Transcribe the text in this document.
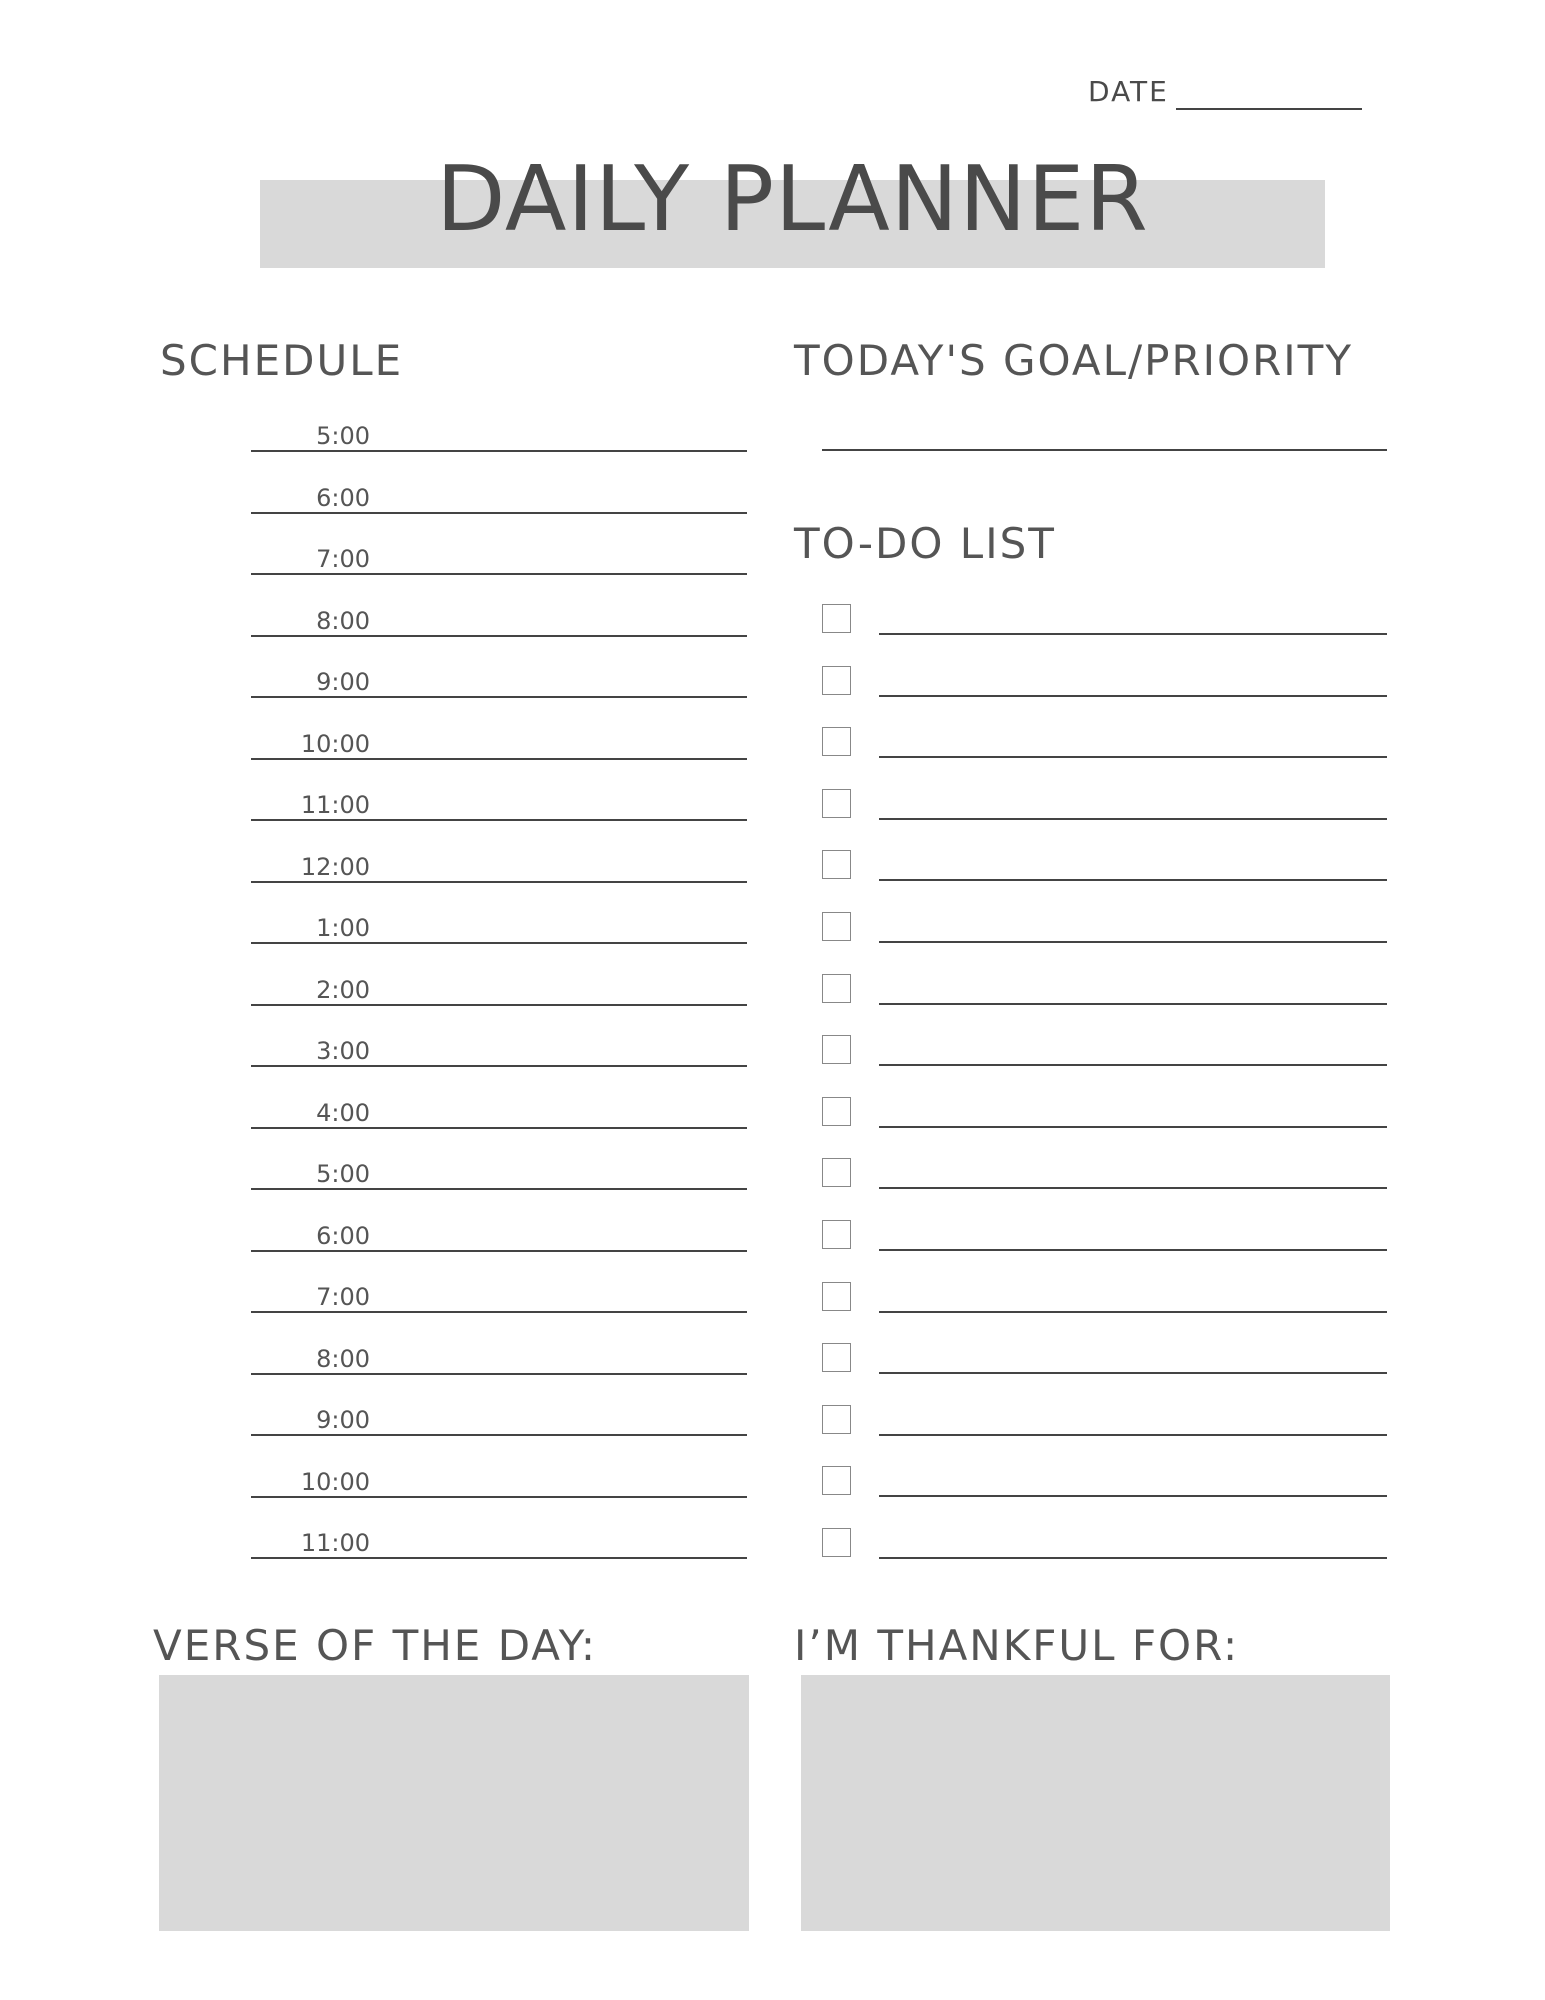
DATE
DAILY PLANNER
SCHEDULE
5:00
6:00
7:00
8:00
9:00
10:00
11:00
12:00
1:00
2:00
3:00
4:00
5:00
6:00
7:00
8:00
9:00
10:00
11:00
TODAY'S GOAL/PRIORITY
TO-DO LIST
VERSE OF THE DAY:	I’M THANKFUL FOR:
